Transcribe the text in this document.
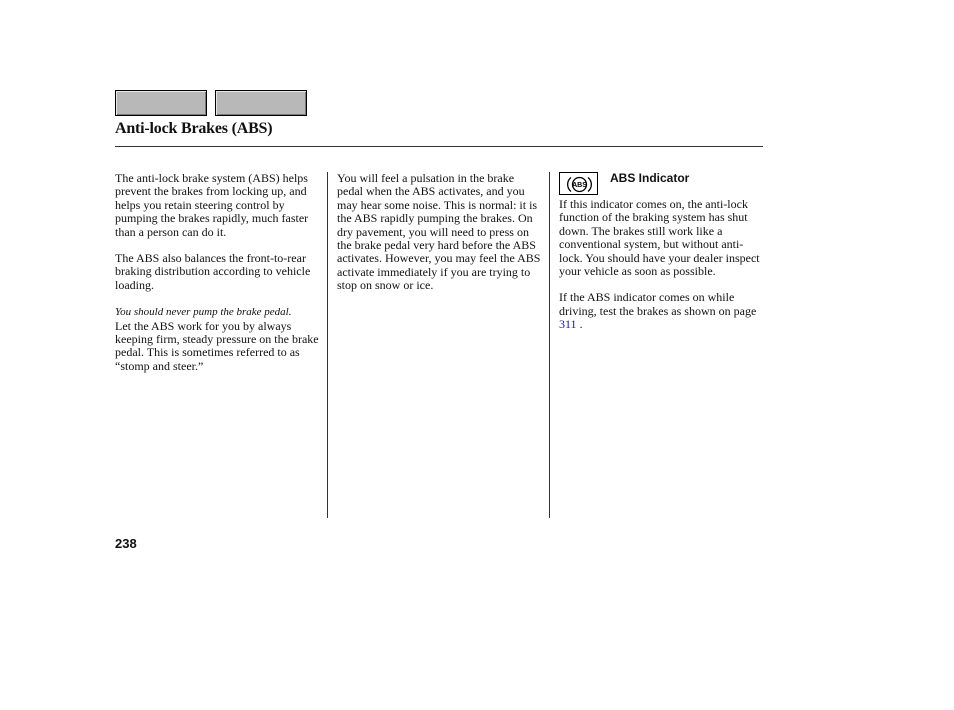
Anti-lock Brakes (ABS)

The anti-lock brake system (ABS) helps prevent the brakes from locking up, and helps you retain steering control by pumping the brakes rapidly, much faster than a person can do it.

The ABS also balances the front-to-rear braking distribution according to vehicle loading.

You should never pump the brake pedal.

Let the ABS work for you by always keeping firm, steady pressure on the brake pedal. This is sometimes referred to as “stomp and steer.”

You will feel a pulsation in the brake pedal when the ABS activates, and you may hear some noise. This is normal: it is the ABS rapidly pumping the brakes. On dry pavement, you will need to press on the brake pedal very hard before the ABS activates. However, you may feel the ABS activate immediately if you are trying to stop on snow or ice.

ABS
ABS Indicator

If this indicator comes on, the anti-lock function of the braking system has shut down. The brakes still work like a conventional system, but without anti-lock. You should have your dealer inspect your vehicle as soon as possible.

If the ABS indicator comes on while driving, test the brakes as shown on page 311 .

238
